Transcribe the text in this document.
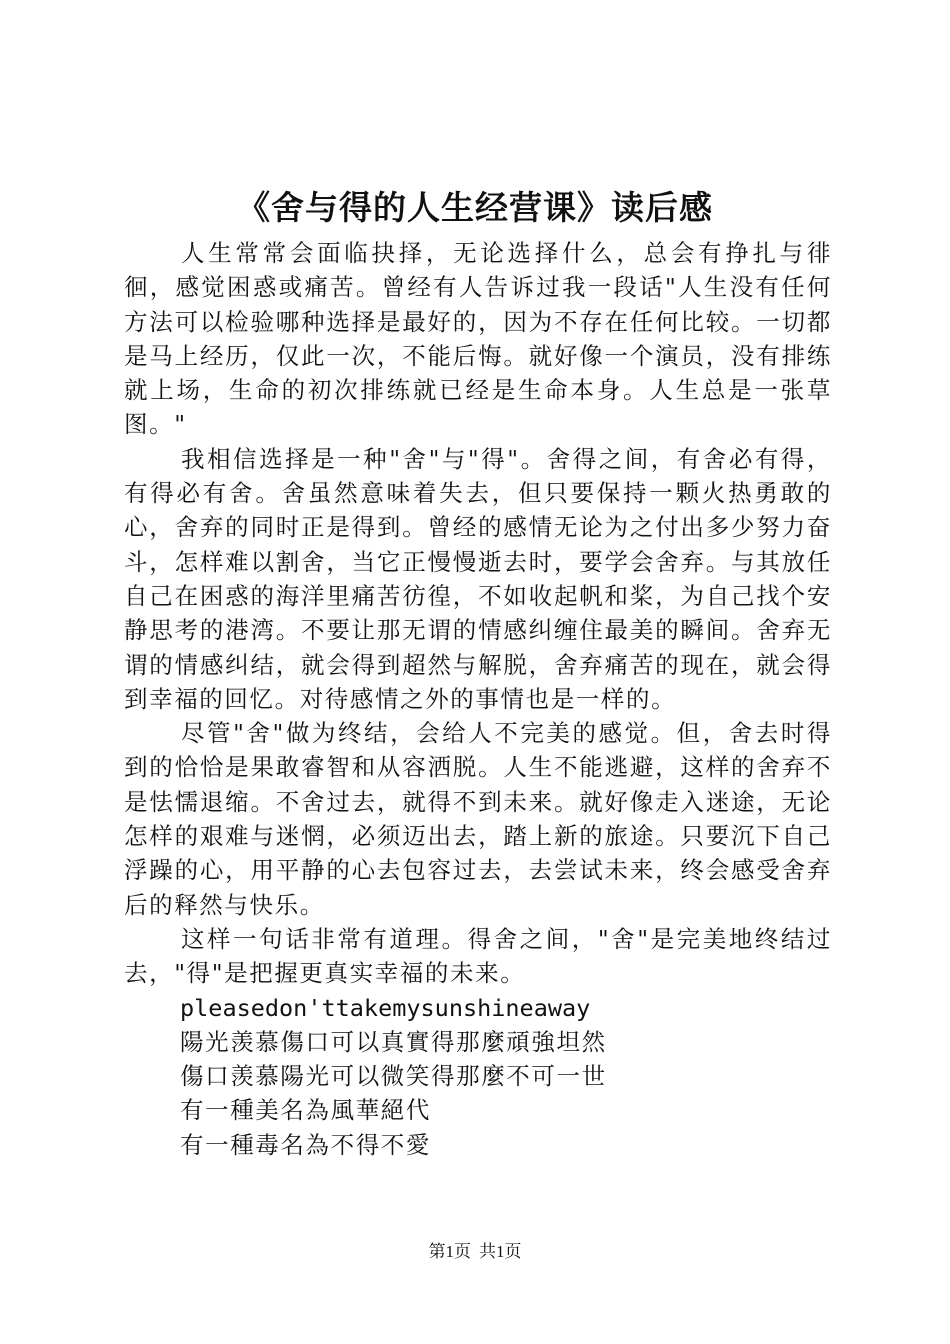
《舍与得的人生经营课》读后感

人生常常会面临抉择，无论选择什么，总会有挣扎与徘徊，感觉困惑或痛苦。曾经有人告诉过我一段话"人生没有任何方法可以检验哪种选择是最好的，因为不存在任何比较。一切都是马上经历，仅此一次，不能后悔。就好像一个演员，没有排练就上场，生命的初次排练就已经是生命本身。人生总是一张草图。"

我相信选择是一种"舍"与"得"。舍得之间，有舍必有得，有得必有舍。舍虽然意味着失去，但只要保持一颗火热勇敢的心，舍弃的同时正是得到。曾经的感情无论为之付出多少努力奋斗，怎样难以割舍，当它正慢慢逝去时，要学会舍弃。与其放任自己在困惑的海洋里痛苦彷徨，不如收起帆和桨，为自己找个安静思考的港湾。不要让那无谓的情感纠缠住最美的瞬间。舍弃无谓的情感纠结，就会得到超然与解脱，舍弃痛苦的现在，就会得到幸福的回忆。对待感情之外的事情也是一样的。

尽管"舍"做为终结，会给人不完美的感觉。但，舍去时得到的恰恰是果敢睿智和从容洒脱。人生不能逃避，这样的舍弃不是怯懦退缩。不舍过去，就得不到未来。就好像走入迷途，无论怎样的艰难与迷惘，必须迈出去，踏上新的旅途。只要沉下自己浮躁的心，用平静的心去包容过去，去尝试未来，终会感受舍弃后的释然与快乐。

这样一句话非常有道理。得舍之间，"舍"是完美地终结过去，"得"是把握更真实幸福的未来。

pleasedon'ttakemysunshineaway

陽光羡慕傷口可以真實得那麼頑強坦然

傷口羡慕陽光可以微笑得那麼不可一世

有一種美名為風華絕代

有一種毒名為不得不愛

第1页 共1页
